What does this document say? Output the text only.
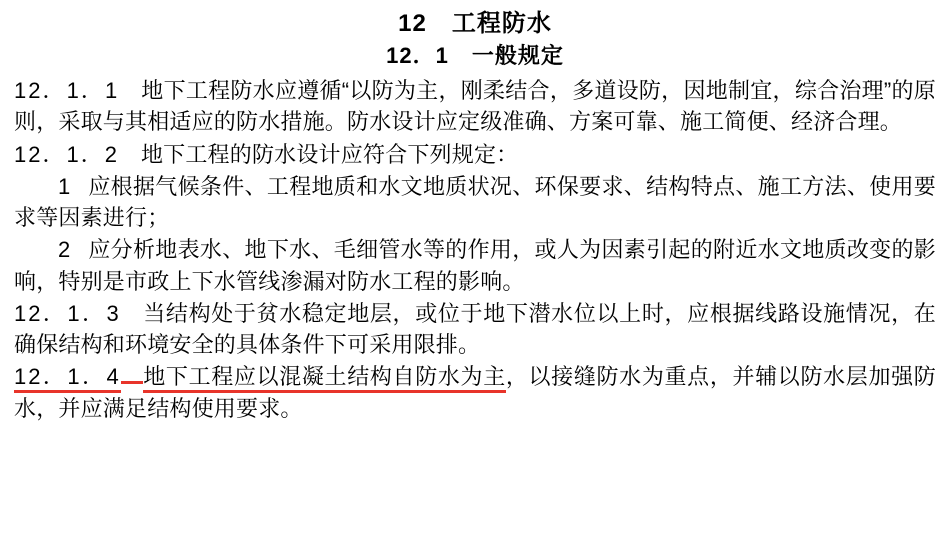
12　工程防水
12．1　一般规定

12．1．1 地下工程防水应遵循“以防为主，刚柔结合，多道设防，因地制宜，综合治理”的原则，采取与其相适应的防水措施。防水设计应定级准确、方案可靠、施工简便、经济合理。

12．1．2 地下工程的防水设计应符合下列规定：

1 应根据气候条件、工程地质和水文地质状况、环保要求、结构特点、施工方法、使用要求等因素进行；

2 应分析地表水、地下水、毛细管水等的作用，或人为因素引起的附近水文地质改变的影响，特别是市政上下水管线渗漏对防水工程的影响。

12．1．3 当结构处于贫水稳定地层，或位于地下潜水位以上时，应根据线路设施情况，在确保结构和环境安全的具体条件下可采用限排。

12．1．4 地下工程应以混凝土结构自防水为主，以接缝防水为重点，并辅以防水层加强防水，并应满足结构使用要求。
